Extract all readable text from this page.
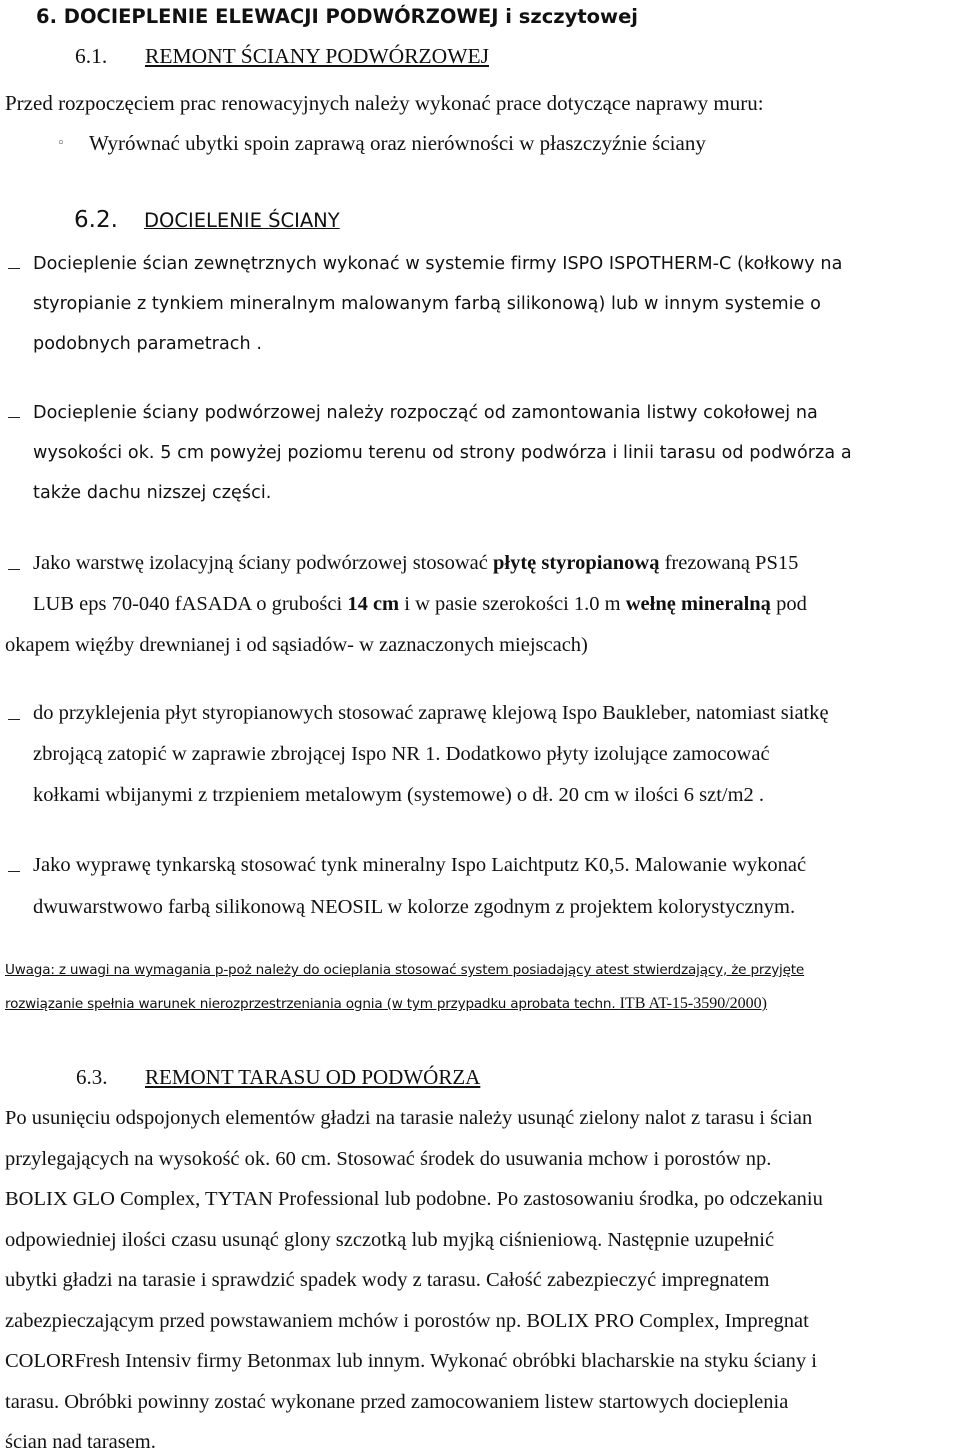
6. DOCIEPLENIE ELEWACJI PODWÓRZOWEJ i szczytowej
6.1. REMONT ŚCIANY PODWÓRZOWEJ
Przed rozpoczęciem prac renowacyjnych należy wykonać prace dotyczące naprawy muru:
◦ Wyrównać ubytki spoin zaprawą oraz nierówności w płaszczyźnie ściany
6.2. DOCIELENIE ŚCIANY
Docieplenie ścian zewnętrznych wykonać w systemie firmy ISPO ISPOTHERM-C (kołkowy na
styropianie z tynkiem mineralnym malowanym farbą silikonową) lub w innym systemie o
podobnych parametrach .
Docieplenie ściany podwórzowej należy rozpocząć od zamontowania listwy cokołowej na
wysokości ok. 5 cm powyżej poziomu terenu od strony podwórza i linii tarasu od podwórza a
także dachu nizszej części.
Jako warstwę izolacyjną ściany podwórzowej stosować płytę styropianową frezowaną PS15
LUB eps 70-040 fASADA o grubości 14 cm i w pasie szerokości 1.0 m wełnę mineralną pod
okapem więźby drewnianej i od sąsiadów- w zaznaczonych miejscach)
do przyklejenia płyt styropianowych stosować zaprawę klejową Ispo Baukleber, natomiast siatkę
zbrojącą zatopić w zaprawie zbrojącej Ispo NR 1. Dodatkowo płyty izolujące zamocować
kołkami wbijanymi z trzpieniem metalowym (systemowe) o dł. 20 cm w ilości 6 szt/m2 .
Jako wyprawę tynkarską stosować tynk mineralny Ispo Laichtputz K0,5. Malowanie wykonać
dwuwarstwowo farbą silikonową NEOSIL w kolorze zgodnym z projektem kolorystycznym.
Uwaga: z uwagi na wymagania p-poż należy do ocieplania stosować system posiadający atest stwierdzający, że przyjęte
rozwiązanie spełnia warunek nierozprzestrzeniania ognia (w tym przypadku aprobata techn. ITB AT-15-3590/2000)
6.3. REMONT TARASU OD PODWÓRZA
Po usunięciu odspojonych elementów gładzi na tarasie należy usunąć zielony nalot z tarasu i ścian
przylegających na wysokość ok. 60 cm. Stosować środek do usuwania mchow i porostów np.
BOLIX GLO Complex, TYTAN Professional lub podobne. Po zastosowaniu środka, po odczekaniu
odpowiedniej ilości czasu usunąć glony szczotką lub myjką ciśnieniową. Następnie uzupełnić
ubytki gładzi na tarasie i sprawdzić spadek wody z tarasu. Całość zabezpieczyć impregnatem
zabezpieczającym przed powstawaniem mchów i porostów np. BOLIX PRO Complex, Impregnat
COLORFresh Intensiv firmy Betonmax lub innym. Wykonać obróbki blacharskie na styku ściany i
tarasu. Obróbki powinny zostać wykonane przed zamocowaniem listew startowych docieplenia
ścian nad tarasem.
